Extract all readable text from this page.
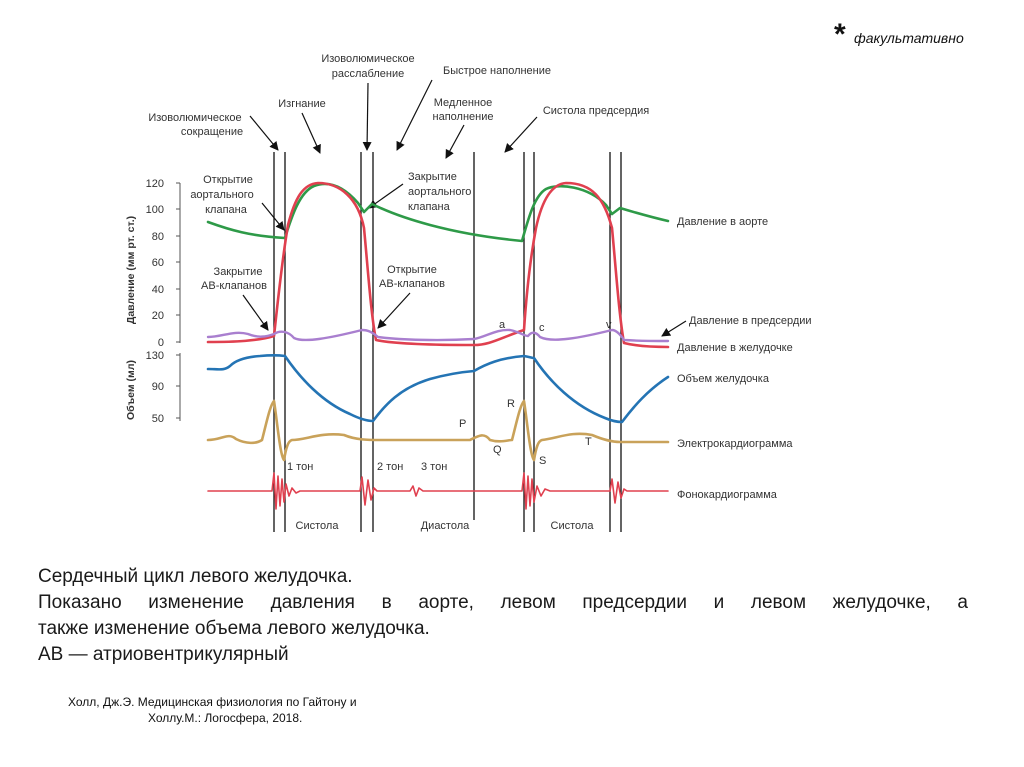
* факультативно
Изоволюмическое
сокращение
Изгнание
Изоволюмическое
расслабление	Быстрое наполнение
Медленное
наполнение	Систола предсердия
Открытие
аортального
клапана
Закрытие
аортального
клапана
Закрытие
АВ-клапанов
Открытие
АВ-клапанов
120
100
80
60
40
20
0
130
90
50
Давление (мм рт. ст.)
Объем (мл)
a	c	v
P
Q
R
S
T
1 тон	2 тон 3 тон
Систола	Диастола	Систола
Давление в аорте
Давление в предсердии
Давление в желудочке
Объем желудочка
Электрокардиограмма
Фонокардиограмма
Сердечный цикл левого желудочка.
Показано изменение давления в аорте, левом предсердии и левом желудочке, а
также изменение объема левого желудочка.
АВ — атриовентрикулярный
Холл, Дж.Э. Медицинская физиология по Гайтону и
Холлу.М.: Логосфера, 2018.
